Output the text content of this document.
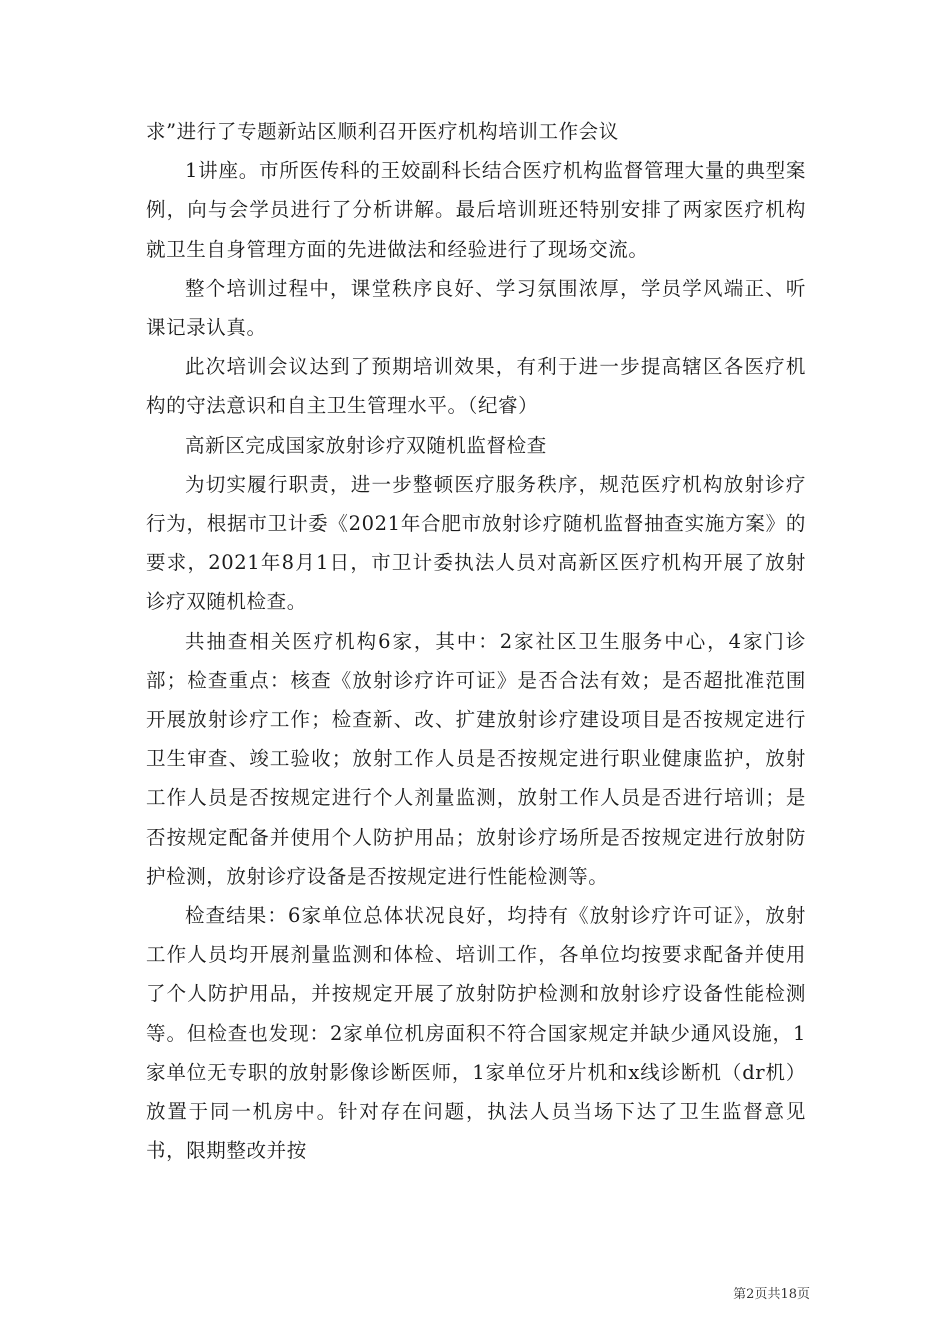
求”进行了专题新站区顺利召开医疗机构培训工作会议

1讲座。市所医传科的王姣副科长结合医疗机构监督管理大量的典型案例，向与会学员进行了分析讲解。最后培训班还特别安排了两家医疗机构就卫生自身管理方面的先进做法和经验进行了现场交流。

整个培训过程中，课堂秩序良好、学习氛围浓厚，学员学风端正、听课记录认真。

此次培训会议达到了预期培训效果，有利于进一步提高辖区各医疗机构的守法意识和自主卫生管理水平。（纪睿）

高新区完成国家放射诊疗双随机监督检查

为切实履行职责，进一步整顿医疗服务秩序，规范医疗机构放射诊疗行为，根据市卫计委《2021年合肥市放射诊疗随机监督抽查实施方案》的要求，2021年8月1日，市卫计委执法人员对高新区医疗机构开展了放射诊疗双随机检查。

共抽查相关医疗机构6家，其中：2家社区卫生服务中心，4家门诊部；检查重点：核查《放射诊疗许可证》是否合法有效；是否超批准范围开展放射诊疗工作；检查新、改、扩建放射诊疗建设项目是否按规定进行卫生审查、竣工验收；放射工作人员是否按规定进行职业健康监护，放射工作人员是否按规定进行个人剂量监测，放射工作人员是否进行培训；是否按规定配备并使用个人防护用品；放射诊疗场所是否按规定进行放射防护检测，放射诊疗设备是否按规定进行性能检测等。

检查结果：6家单位总体状况良好，均持有《放射诊疗许可证》，放射工作人员均开展剂量监测和体检、培训工作，各单位均按要求配备并使用了个人防护用品，并按规定开展了放射防护检测和放射诊疗设备性能检测等。但检查也发现：2家单位机房面积不符合国家规定并缺少通风设施，1家单位无专职的放射影像诊断医师，1家单位牙片机和x线诊断机（dr机）放置于同一机房中。针对存在问题，执法人员当场下达了卫生监督意见书，限期整改并按

第2页共18页
